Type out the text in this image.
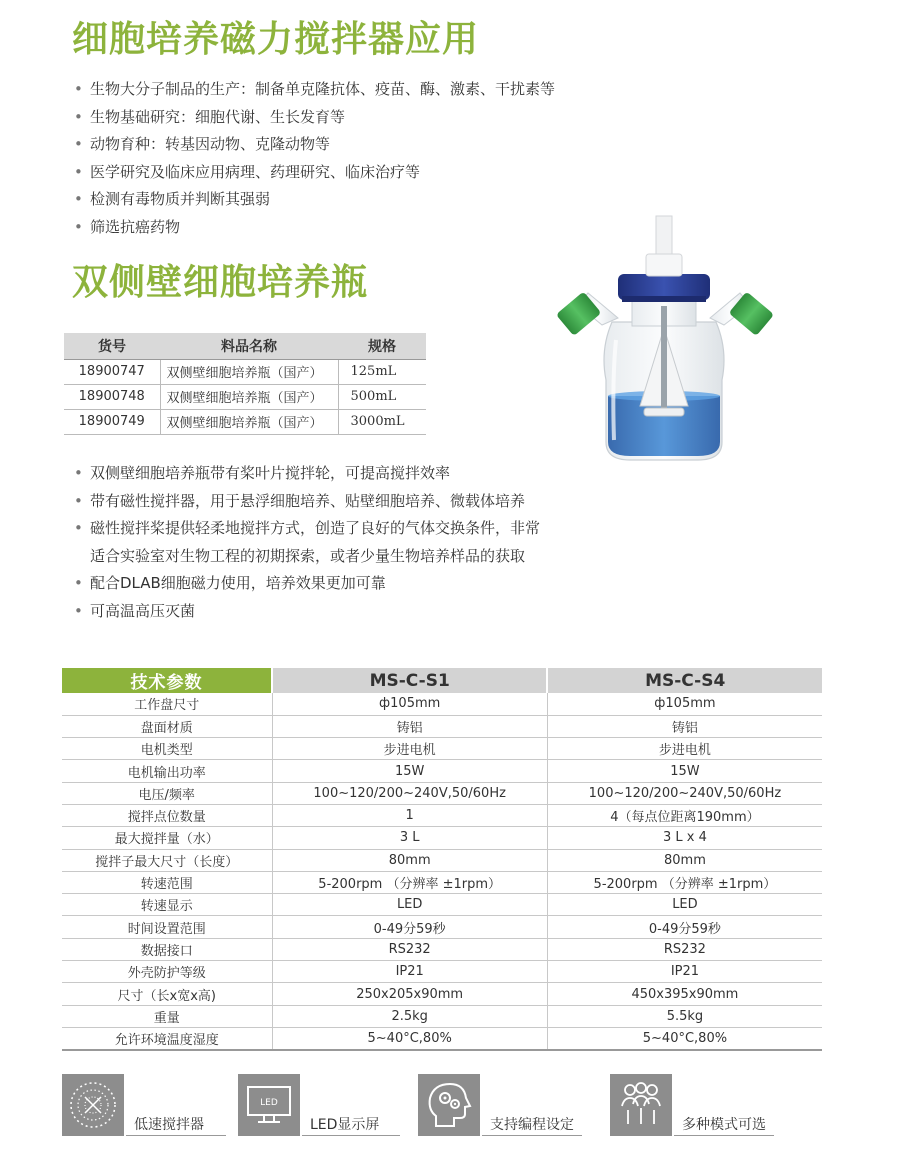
细胞培养磁力搅拌器应用
• 生物大分子制品的生产：制备单克隆抗体、疫苗、酶、激素、干扰素等
• 生物基础研究：细胞代谢、生长发育等
• 动物育种：转基因动物、克隆动物等
• 医学研究及临床应用病理、药理研究、临床治疗等
• 检测有毒物质并判断其强弱
• 筛选抗癌药物
双侧壁细胞培养瓶
货号	料品名称	规格
18900747	双侧壁细胞培养瓶（国产）	125mL
18900748	双侧壁细胞培养瓶（国产）	500mL
18900749	双侧壁细胞培养瓶（国产）	3000mL
• 双侧壁细胞培养瓶带有桨叶片搅拌轮，可提高搅拌效率
• 带有磁性搅拌器，用于悬浮细胞培养、贴壁细胞培养、微载体培养
• 磁性搅拌桨提供轻柔地搅拌方式，创造了良好的气体交换条件，非常
适合实验室对生物工程的初期探索，或者少量生物培养样品的获取
• 配合DLAB细胞磁力使用，培养效果更加可靠
• 可高温高压灭菌
技术参数	MS-C-S1	MS-C-S4
工作盘尺寸	ф105mm	ф105mm
盘面材质	铸铝	铸铝
电机类型	步进电机	步进电机
电机输出功率	15W	15W
电压/频率	100~120/200~240V,50/60Hz	100~120/200~240V,50/60Hz
搅拌点位数量	1	4（每点位距离190mm）
最大搅拌量（水）	3 L	3 L x 4
搅拌子最大尺寸（长度）	80mm	80mm
转速范围	5-200rpm （分辨率 ±1rpm）	5-200rpm （分辨率 ±1rpm）
转速显示	LED	LED
时间设置范围	0-49分59秒	0-49分59秒
数据接口	RS232	RS232
外壳防护等级	IP21	IP21
尺寸（长x宽x高)	250x205x90mm	450x395x90mm
重量	2.5kg	5.5kg
允许环境温度湿度	5~40°C,80%	5~40°C,80%
低速搅拌器
LED
LED显示屏	支持编程设定	多种模式可选
